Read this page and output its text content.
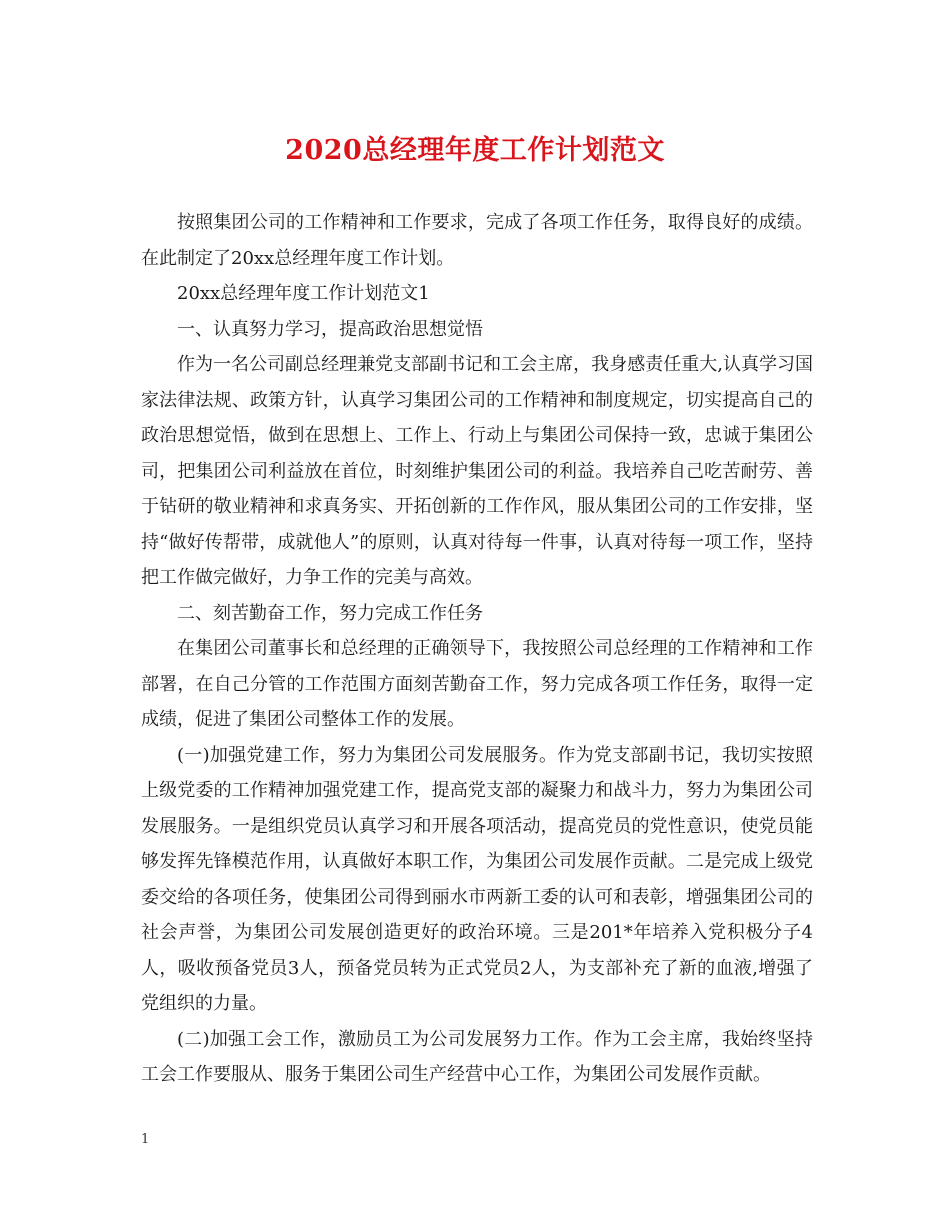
2020总经理年度工作计划范文

按照集团公司的工作精神和工作要求，完成了各项工作任务，取得良好的成绩。在此制定了20xx总经理年度工作计划。

20xx总经理年度工作计划范文1

一、认真努力学习，提高政治思想觉悟

作为一名公司副总经理兼党支部副书记和工会主席，我身感责任重大,认真学习国家法律法规、政策方针，认真学习集团公司的工作精神和制度规定，切实提高自己的政治思想觉悟，做到在思想上、工作上、行动上与集团公司保持一致，忠诚于集团公司，把集团公司利益放在首位，时刻维护集团公司的利益。我培养自己吃苦耐劳、善于钻研的敬业精神和求真务实、开拓创新的工作作风，服从集团公司的工作安排，坚持“做好传帮带，成就他人”的原则，认真对待每一件事，认真对待每一项工作，坚持把工作做完做好，力争工作的完美与高效。

二、刻苦勤奋工作，努力完成工作任务

在集团公司董事长和总经理的正确领导下，我按照公司总经理的工作精神和工作部署，在自己分管的工作范围方面刻苦勤奋工作，努力完成各项工作任务，取得一定成绩，促进了集团公司整体工作的发展。

(一)加强党建工作，努力为集团公司发展服务。作为党支部副书记，我切实按照上级党委的工作精神加强党建工作，提高党支部的凝聚力和战斗力，努力为集团公司发展服务。一是组织党员认真学习和开展各项活动，提高党员的党性意识，使党员能够发挥先锋模范作用，认真做好本职工作，为集团公司发展作贡献。二是完成上级党委交给的各项任务，使集团公司得到丽水市两新工委的认可和表彰，增强集团公司的社会声誉，为集团公司发展创造更好的政治环境。三是201*年培养入党积极分子4人，吸收预备党员3人，预备党员转为正式党员2人，为支部补充了新的血液,增强了党组织的力量。

(二)加强工会工作，激励员工为公司发展努力工作。作为工会主席，我始终坚持工会工作要服从、服务于集团公司生产经营中心工作，为集团公司发展作贡献。

1
